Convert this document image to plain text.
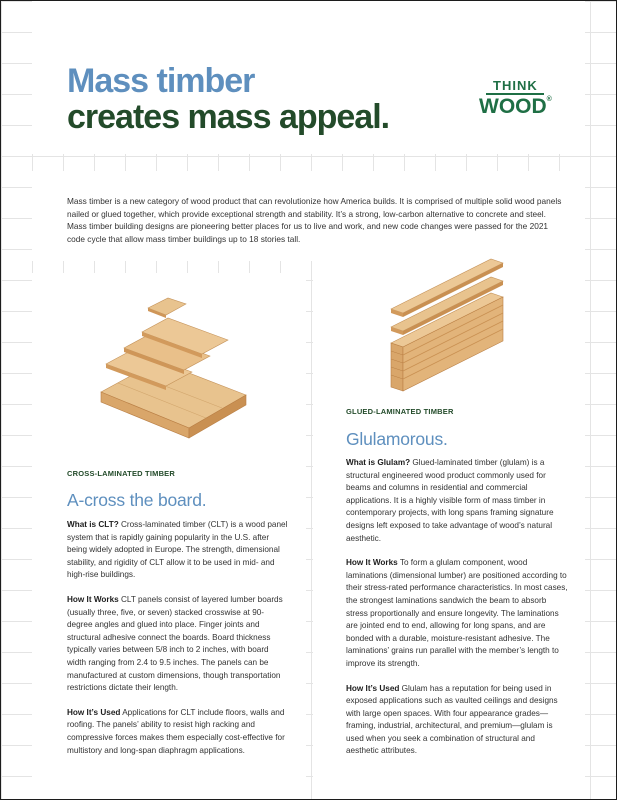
Mass timber
creates mass appeal.
THINK
WOOD®

Mass timber is a new category of wood product that can revolutionize how America builds. It is comprised of multiple solid wood panels nailed or glued together, which provide exceptional strength and stability. It’s a strong, low-carbon alternative to concrete and steel. Mass timber building designs are pioneering better places for us to live and work, and new code changes were passed for the 2021 code cycle that allow mass timber buildings up to 18 stories tall.

CROSS-LAMINATED TIMBER
A-cross the board.

What is CLT? Cross-laminated timber (CLT) is a wood panel system that is rapidly gaining popularity in the U.S. after being widely adopted in Europe. The strength, dimensional stability, and rigidity of CLT allow it to be used in mid- and high-rise buildings.

How It Works CLT panels consist of layered lumber boards (usually three, five, or seven) stacked crosswise at 90-degree angles and glued into place. Finger joints and structural adhesive connect the boards. Board thickness typically varies between 5/8 inch to 2 inches, with board width ranging from 2.4 to 9.5 inches. The panels can be manufactured at custom dimensions, though transportation restrictions dictate their length.

How It’s Used Applications for CLT include floors, walls and roofing. The panels’ ability to resist high racking and compressive forces makes them especially cost-effective for multistory and long-span diaphragm applications.

GLUED-LAMINATED TIMBER
Glulamorous.

What is Glulam? Glued-laminated timber (glulam) is a structural engineered wood product commonly used for beams and columns in residential and commercial applications. It is a highly visible form of mass timber in contemporary projects, with long spans framing signature designs left exposed to take advantage of wood’s natural aesthetic.

How It Works To form a glulam component, wood laminations (dimensional lumber) are positioned according to their stress-rated performance characteristics. In most cases, the strongest laminations sandwich the beam to absorb stress proportionally and ensure longevity. The laminations are jointed end to end, allowing for long spans, and are bonded with a durable, moisture-resistant adhesive. The laminations’ grains run parallel with the member’s length to improve its strength.

How It’s Used Glulam has a reputation for being used in exposed applications such as vaulted ceilings and designs with large open spaces. With four appearance grades—framing, industrial, architectural, and premium—glulam is used when you seek a combination of structural and aesthetic attributes.
